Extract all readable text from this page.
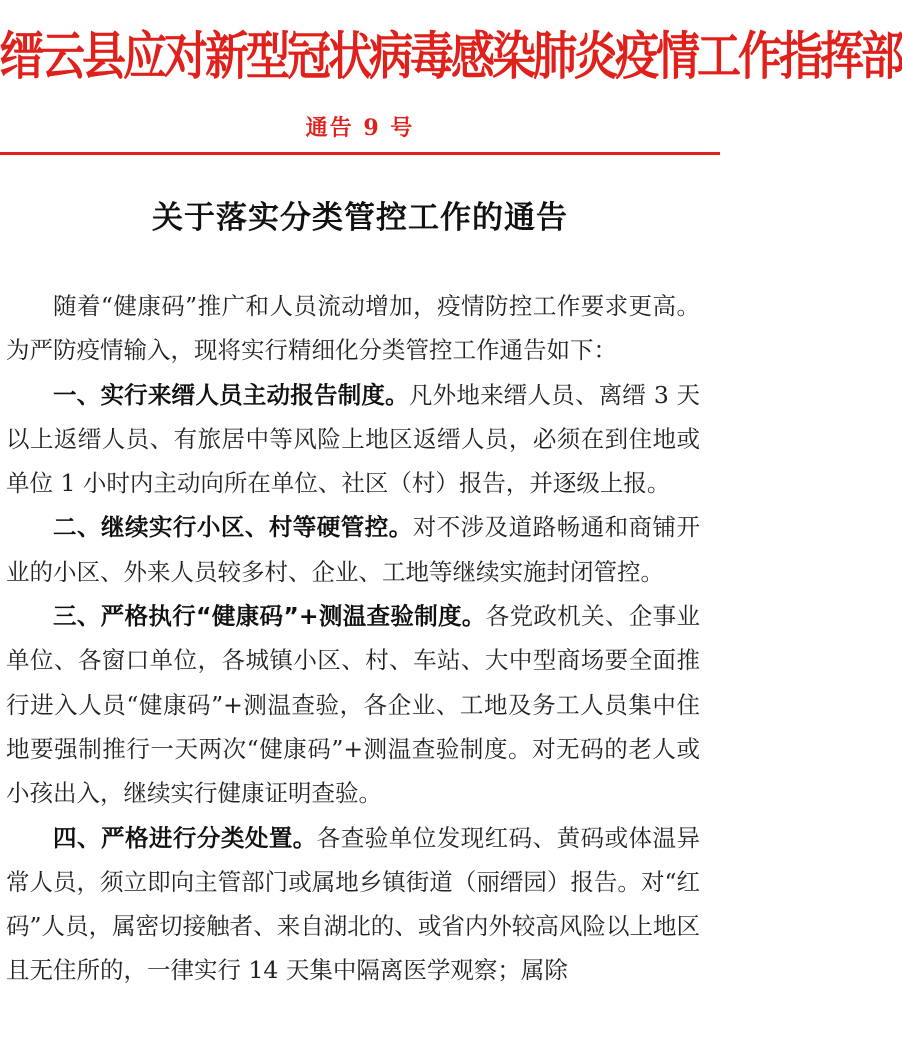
缙云县应对新型冠状病毒感染肺炎疫情工作指挥部
通告 9 号
关于落实分类管控工作的通告

随着“健康码”推广和人员流动增加，疫情防控工作要求更高。为严防疫情输入，现将实行精细化分类管控工作通告如下：

一、实行来缙人员主动报告制度。凡外地来缙人员、离缙 3 天以上返缙人员、有旅居中等风险上地区返缙人员，必须在到住地或单位 1 小时内主动向所在单位、社区（村）报告，并逐级上报。

二、继续实行小区、村等硬管控。对不涉及道路畅通和商铺开业的小区、外来人员较多村、企业、工地等继续实施封闭管控。

三、严格执行“健康码”+测温查验制度。各党政机关、企事业单位、各窗口单位，各城镇小区、村、车站、大中型商场要全面推行进入人员“健康码”+测温查验，各企业、工地及务工人员集中住地要强制推行一天两次“健康码”+测温查验制度。对无码的老人或小孩出入，继续实行健康证明查验。

四、严格进行分类处置。各查验单位发现红码、黄码或体温异常人员，须立即向主管部门或属地乡镇街道（丽缙园）报告。对“红码”人员，属密切接触者、来自湖北的、或省内外较高风险以上地区且无住所的，一律实行 14 天集中隔离医学观察；属除
